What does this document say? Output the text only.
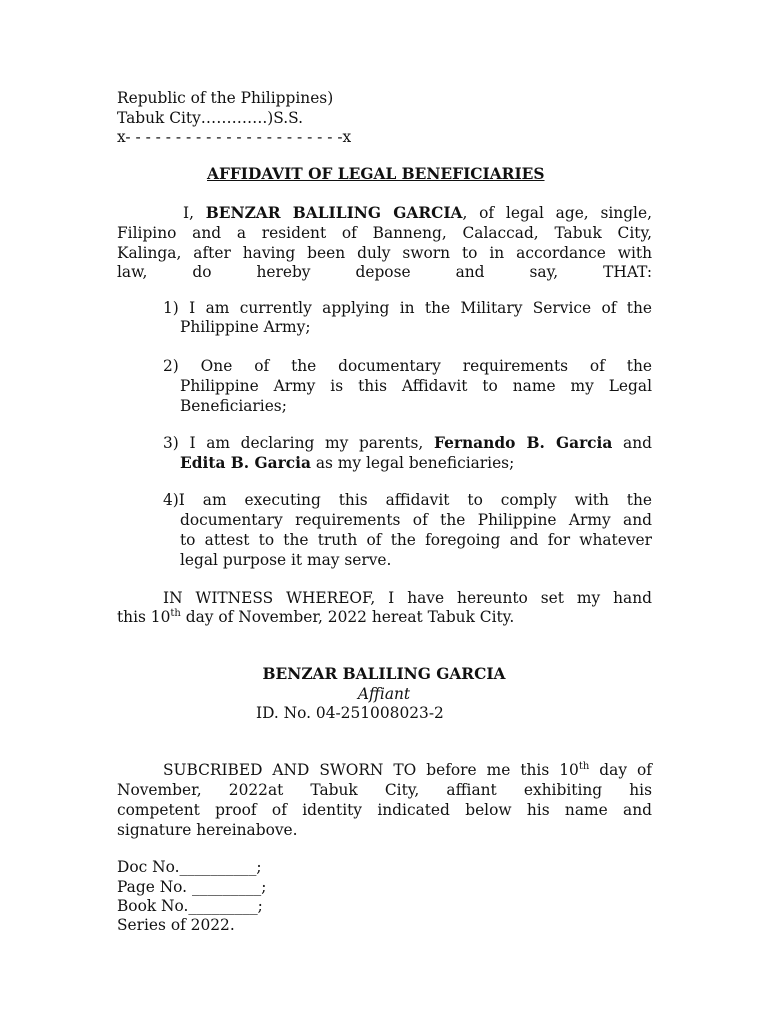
Republic of the Philippines)
Tabuk City………….)S.S.
x- - - - - - - - - - - - - - - - - - - - - -x
AFFIDAVIT OF LEGAL BENEFICIARIES
I, BENZAR BALILING GARCIA, of legal age, single,
Filipino and a resident of Banneng, Calaccad, Tabuk City,
Kalinga, after having been duly sworn to in accordance with
law, do hereby depose and say, THAT:
1) I am currently applying in the Military Service of the
Philippine Army;
2) One of the documentary requirements of the
Philippine Army is this Affidavit to name my Legal
Beneficiaries;
3) I am declaring my parents, Fernando B. Garcia and
Edita B. Garcia as my legal beneficiaries;
4)I am executing this affidavit to comply with the
documentary requirements of the Philippine Army and
to attest to the truth of the foregoing and for whatever
legal purpose it may serve.
IN WITNESS WHEREOF, I have hereunto set my hand
this 10th day of November, 2022 hereat Tabuk City.
BENZAR BALILING GARCIA
Affiant
ID. No. 04-251008023-2
SUBCRIBED AND SWORN TO before me this 10th day of
November, 2022at Tabuk City, affiant exhibiting his
competent proof of identity indicated below his name and
signature hereinabove.
Doc No.__________;
Page No. _________;
Book No._________;
Series of 2022.
